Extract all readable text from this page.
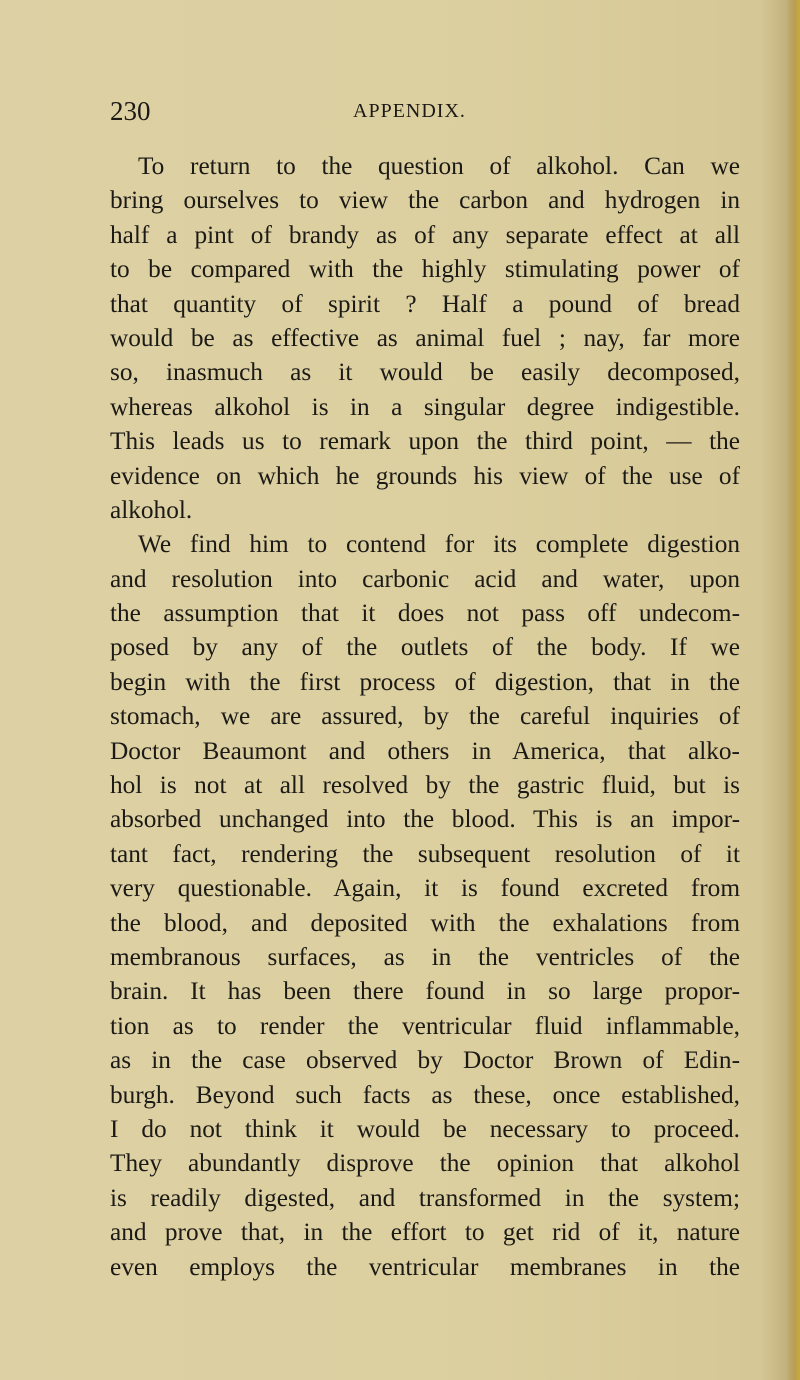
230	APPENDIX.
To return to the question of alkohol. Can we
bring ourselves to view the carbon and hydrogen in
half a pint of brandy as of any separate effect at all
to be compared with the highly stimulating power of
that quantity of spirit ? Half a pound of bread
would be as effective as animal fuel ; nay, far more
so, inasmuch as it would be easily decomposed,
whereas alkohol is in a singular degree indigestible.
This leads us to remark upon the third point, — the
evidence on which he grounds his view of the use of
alkohol.
We find him to contend for its complete digestion
and resolution into carbonic acid and water, upon
the assumption that it does not pass off undecom-
posed by any of the outlets of the body. If we
begin with the first process of digestion, that in the
stomach, we are assured, by the careful inquiries of
Doctor Beaumont and others in America, that alko-
hol is not at all resolved by the gastric fluid, but is
absorbed unchanged into the blood. This is an impor-
tant fact, rendering the subsequent resolution of it
very questionable. Again, it is found excreted from
the blood, and deposited with the exhalations from
membranous surfaces, as in the ventricles of the
brain. It has been there found in so large propor-
tion as to render the ventricular fluid inflammable,
as in the case observed by Doctor Brown of Edin-
burgh. Beyond such facts as these, once established,
I do not think it would be necessary to proceed.
They abundantly disprove the opinion that alkohol
is readily digested, and transformed in the system;
and prove that, in the effort to get rid of it, nature
even employs the ventricular membranes in the
